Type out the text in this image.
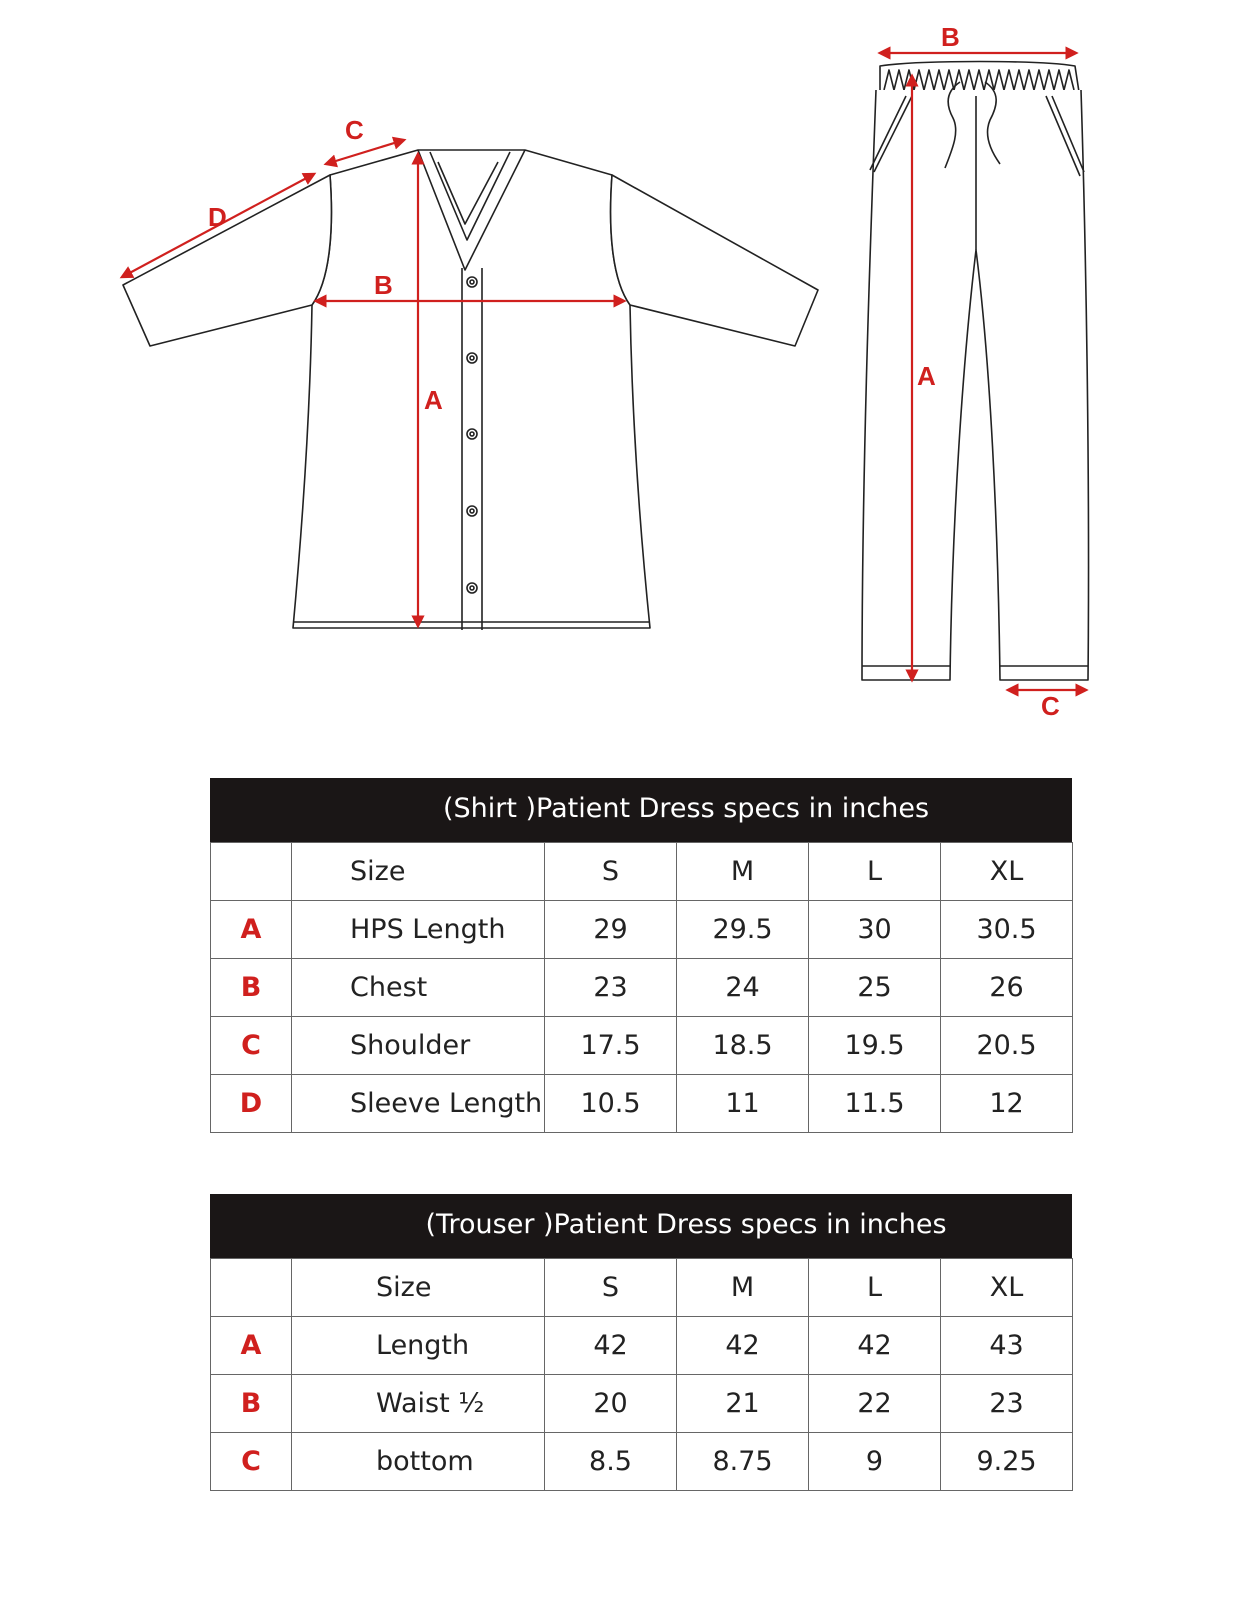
A
B
C
D
A
B
C
(Shirt )Patient Dress specs in inches
	Size	S	M	L	XL
A	HPS Length	29	29.5	30	30.5
B	Chest	23	24	25	26
C	Shoulder	17.5	18.5	19.5	20.5
D	Sleeve Length	10.5	11	11.5	12
(Trouser )Patient Dress specs in inches
	Size	S	M	L	XL
A	Length	42	42	42	43
B	Waist ½	20	21	22	23
C	bottom	8.5	8.75	9	9.25
